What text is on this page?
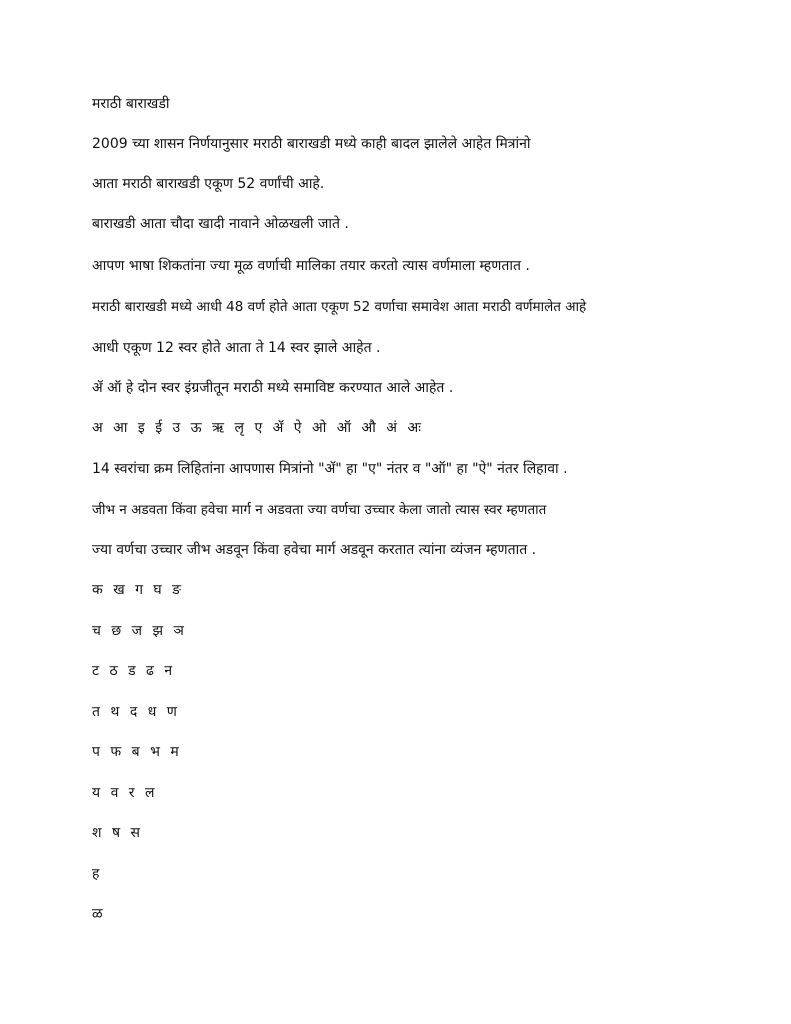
मराठी बाराखडी
2009 च्या शासन निर्णयानुसार मराठी बाराखडी मध्ये काही बादल झालेले आहेत मित्रांनो
आता मराठी बाराखडी एकूण 52 वर्णांची आहे.
बाराखडी आता चौदा खादी नावाने ओळखली जाते .
आपण भाषा शिकतांना ज्या मूळ वर्णाची मालिका तयार करतो त्यास वर्णमाला म्हणतात .
मराठी बाराखडी मध्ये आधी 48 वर्ण होते आता एकूण 52 वर्णाचा समावेश आता मराठी वर्णमालेत आहे
आधी एकूण 12 स्वर होते आता ते 14 स्वर झाले आहेत .
ॲ ऑ हे दोन स्वर इंग्रजीतून मराठी मध्ये समाविष्ट करण्यात आले आहेत .
अ आ इ ई उ ऊ ऋ लृ ए ॲ ऐ ओ ऑ औ अं अः
14 स्वरांचा क्रम लिहितांना आपणास मित्रांनो "ॲ" हा "ए" नंतर व "ऑ" हा "ऐ" नंतर लिहावा .
जीभ न अडवता किंवा हवेचा मार्ग न अडवता ज्या वर्णचा उच्चार केला जातो त्यास स्वर म्हणतात
ज्या वर्णचा उच्चार जीभ अडवून किंवा हवेचा मार्ग अडवून करतात त्यांना व्यंजन म्हणतात .
क ख ग घ ङ
च छ ज झ ञ
ट ठ ड ढ न
त थ द ध ण
प फ ब भ म
य व र ल
श ष स
ह
ळ
